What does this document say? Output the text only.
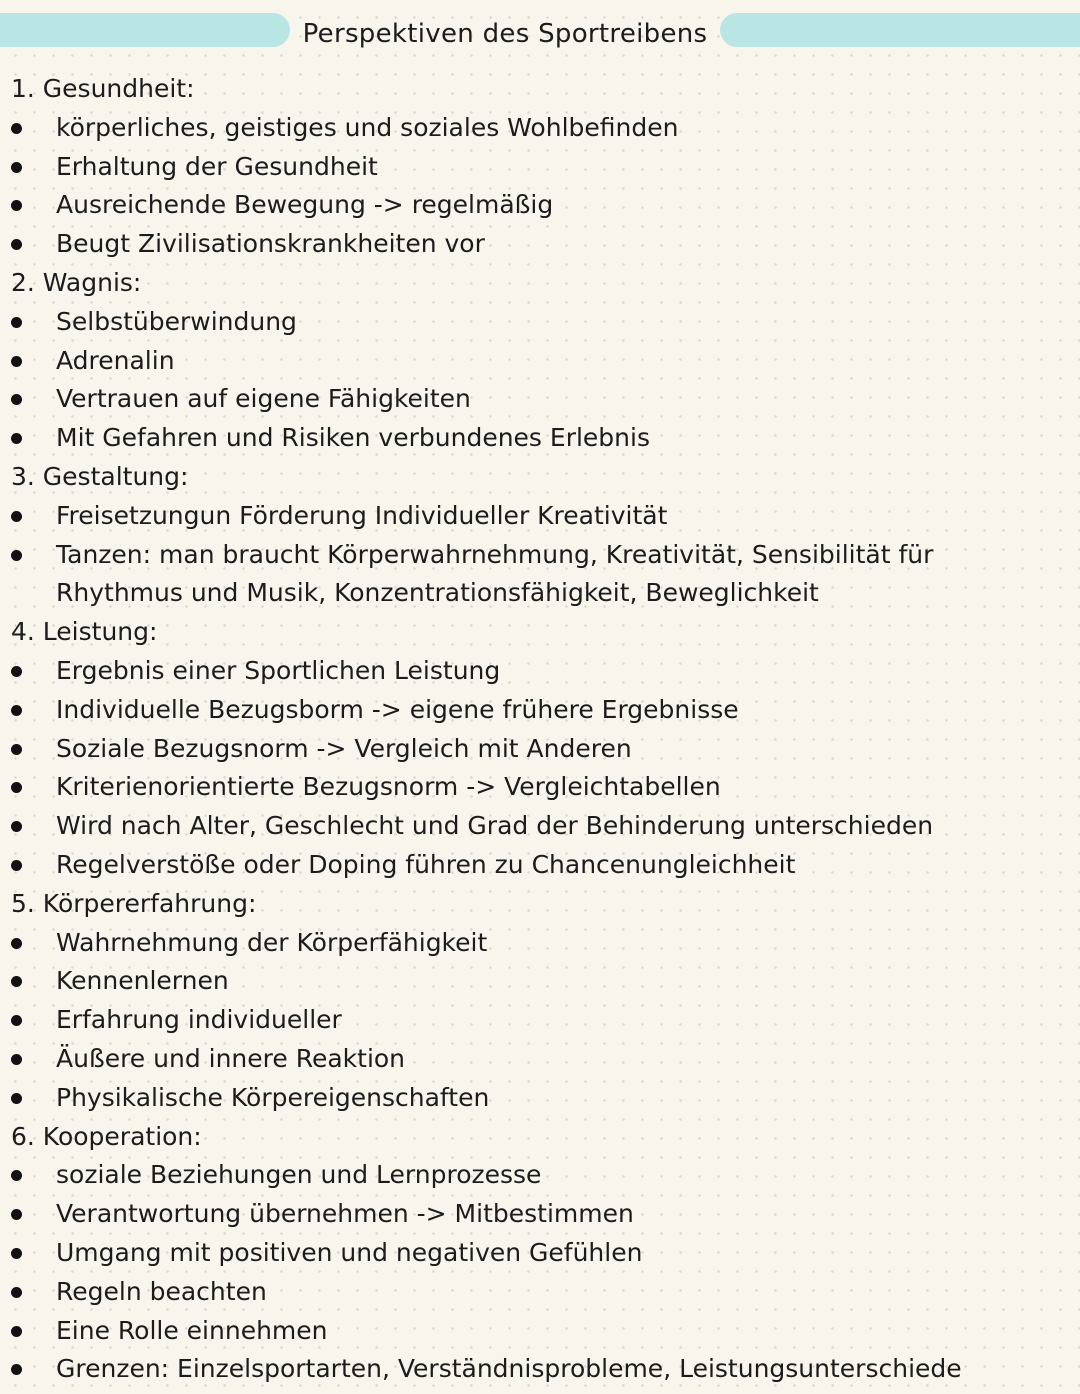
Perspektiven des Sportreibens
1. Gesundheit:
körperliches, geistiges und soziales Wohlbefinden
Erhaltung der Gesundheit
Ausreichende Bewegung -> regelmäßig
Beugt Zivilisationskrankheiten vor
2. Wagnis:
Selbstüberwindung
Adrenalin
Vertrauen auf eigene Fähigkeiten
Mit Gefahren und Risiken verbundenes Erlebnis
3. Gestaltung:
Freisetzungun Förderung Individueller Kreativität
Tanzen: man braucht Körperwahrnehmung, Kreativität, Sensibilität für
Rhythmus und Musik, Konzentrationsfähigkeit, Beweglichkeit
4. Leistung:
Ergebnis einer Sportlichen Leistung
Individuelle Bezugsborm -> eigene frühere Ergebnisse
Soziale Bezugsnorm -> Vergleich mit Anderen
Kriterienorientierte Bezugsnorm -> Vergleichtabellen
Wird nach Alter, Geschlecht und Grad der Behinderung unterschieden
Regelverstöße oder Doping führen zu Chancenungleichheit
5. Körpererfahrung:
Wahrnehmung der Körperfähigkeit
Kennenlernen
Erfahrung individueller
Äußere und innere Reaktion
Physikalische Körpereigenschaften
6. Kooperation:
soziale Beziehungen und Lernprozesse
Verantwortung übernehmen -> Mitbestimmen
Umgang mit positiven und negativen Gefühlen
Regeln beachten
Eine Rolle einnehmen
Grenzen: Einzelsportarten, Verständnisprobleme, Leistungsunterschiede
